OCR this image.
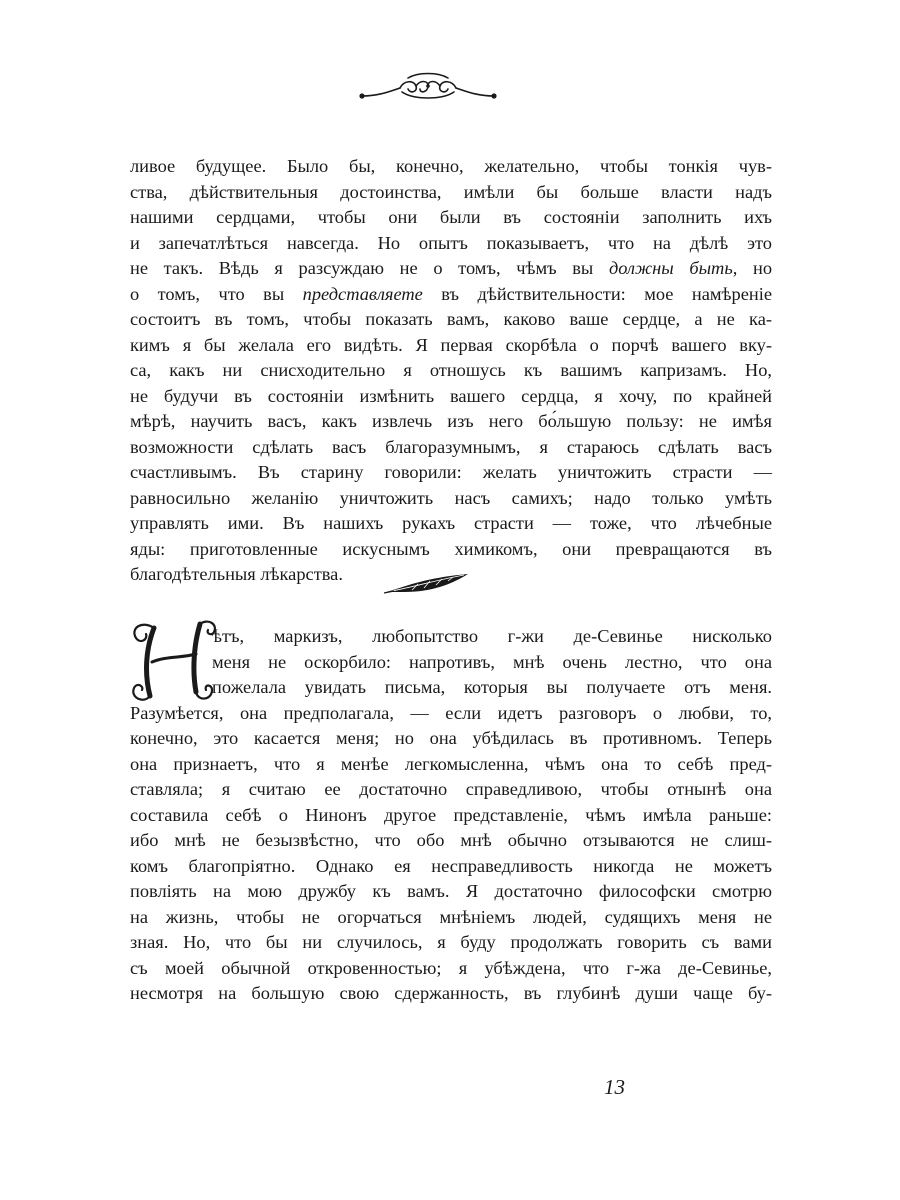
ливое будущее. Было бы, конечно, желательно, чтобы тонкія чув-
ства, дѣйствительныя достоинства, имѣли бы больше власти надъ
нашими сердцами, чтобы они были въ состояніи заполнить ихъ
и запечатлѣться навсегда. Но опытъ показываетъ, что на дѣлѣ это
не такъ. Вѣдь я разсуждаю не о томъ, чѣмъ вы должны быть, но
о томъ, что вы представляете въ дѣйствительности: мое намѣреніе
состоитъ въ томъ, чтобы показать вамъ, каково ваше сердце, а не ка-
кимъ я бы желала его видѣть. Я первая скорбѣла о порчѣ вашего вку-
са, какъ ни снисходительно я отношусь къ вашимъ капризамъ. Но,
не будучи въ состояніи измѣнить вашего сердца, я хочу, по крайней
мѣрѣ, научить васъ, какъ извлечь изъ него бо́льшую пользу: не имѣя
возможности сдѣлать васъ благоразумнымъ, я стараюсь сдѣлать васъ
счастливымъ. Въ старину говорили: желать уничтожить страсти —
равносильно желанію уничтожить насъ самихъ; надо только умѣть
управлять ими. Въ нашихъ рукахъ страсти — тоже, что лѣчебные
яды: приготовленные искуснымъ химикомъ, они превращаются въ
благодѣтельныя лѣкарства.
ѣтъ, маркизъ, любопытство г-жи де-Севинье нисколько
меня не оскорбило: напротивъ, мнѣ очень лестно, что она
пожелала увидать письма, которыя вы получаете отъ меня.
Разумѣется, она предполагала, — если идетъ разговоръ о любви, то,
конечно, это касается меня; но она убѣдилась въ противномъ. Теперь
она признаетъ, что я менѣе легкомысленна, чѣмъ она то себѣ пред-
ставляла; я считаю ее достаточно справедливою, чтобы отнынѣ она
составила себѣ о Нинонъ другое представленіе, чѣмъ имѣла раньше:
ибо мнѣ не безызвѣстно, что обо мнѣ обычно отзываются не слиш-
комъ благопріятно. Однако ея несправедливость никогда не можетъ
повліять на мою дружбу къ вамъ. Я достаточно философски смотрю
на жизнь, чтобы не огорчаться мнѣніемъ людей, судящихъ меня не
зная. Но, что бы ни случилось, я буду продолжать говорить съ вами
съ моей обычной откровенностью; я убѣждена, что г-жа де-Севинье,
несмотря на большую свою сдержанность, въ глубинѣ души чаще бу-
13
